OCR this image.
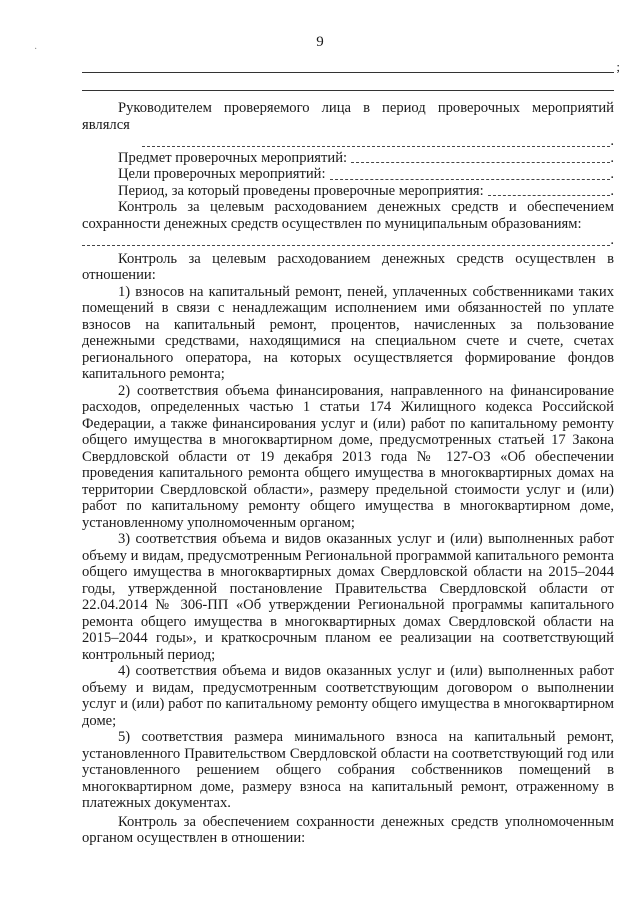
·	9
;

Руководителем проверяемого лица в период проверочных мероприятий являлся

.
Предмет проверочных мероприятий:	.
Цели проверочных мероприятий:	.
Период, за который проведены проверочные мероприятия:	.

Контроль за целевым расходованием денежных средств и обеспечением сохранности денежных средств осуществлен по муниципальным образованиям:

.

Контроль за целевым расходованием денежных средств осуществлен в отношении:

1) взносов на капитальный ремонт, пеней, уплаченных собственниками таких помещений в связи с ненадлежащим исполнением ими обязанностей по уплате взносов на капитальный ремонт, процентов, начисленных за пользование денежными средствами, находящимися на специальном счете и счете, счетах регионального оператора, на которых осуществляется формирование фондов капитального ремонта;

2) соответствия объема финансирования, направленного на финансирование расходов, определенных частью 1 статьи 174 Жилищного кодекса Российской Федерации, а также финансирования услуг и (или) работ по капитальному ремонту общего имущества в многоквартирном доме, предусмотренных статьей 17 Закона Свердловской области от 19 декабря 2013 года № 127-ОЗ «Об обеспечении проведения капитального ремонта общего имущества в многоквартирных домах на территории Свердловской области», размеру предельной стоимости услуг и (или) работ по капитальному ремонту общего имущества в многоквартирном доме, установленному уполномоченным органом;

3) соответствия объема и видов оказанных услуг и (или) выполненных работ объему и видам, предусмотренным Региональной программой капитального ремонта общего имущества в многоквартирных домах Свердловской области на 2015–2044 годы, утвержденной постановление Правительства Свердловской области от 22.04.2014 № 306-ПП «Об утверждении Региональной программы капитального ремонта общего имущества в многоквартирных домах Свердловской области на 2015–2044 годы», и краткосрочным планом ее реализации на соответствующий контрольный период;

4) соответствия объема и видов оказанных услуг и (или) выполненных работ объему и видам, предусмотренным соответствующим договором о выполнении услуг и (или) работ по капитальному ремонту общего имущества в многоквартирном доме;

5) соответствия размера минимального взноса на капитальный ремонт, установленного Правительством Свердловской области на соответствующий год или установленного решением общего собрания собственников помещений в многоквартирном доме, размеру взноса на капитальный ремонт, отраженному в платежных документах.

Контроль за обеспечением сохранности денежных средств уполномоченным органом осуществлен в отношении:
